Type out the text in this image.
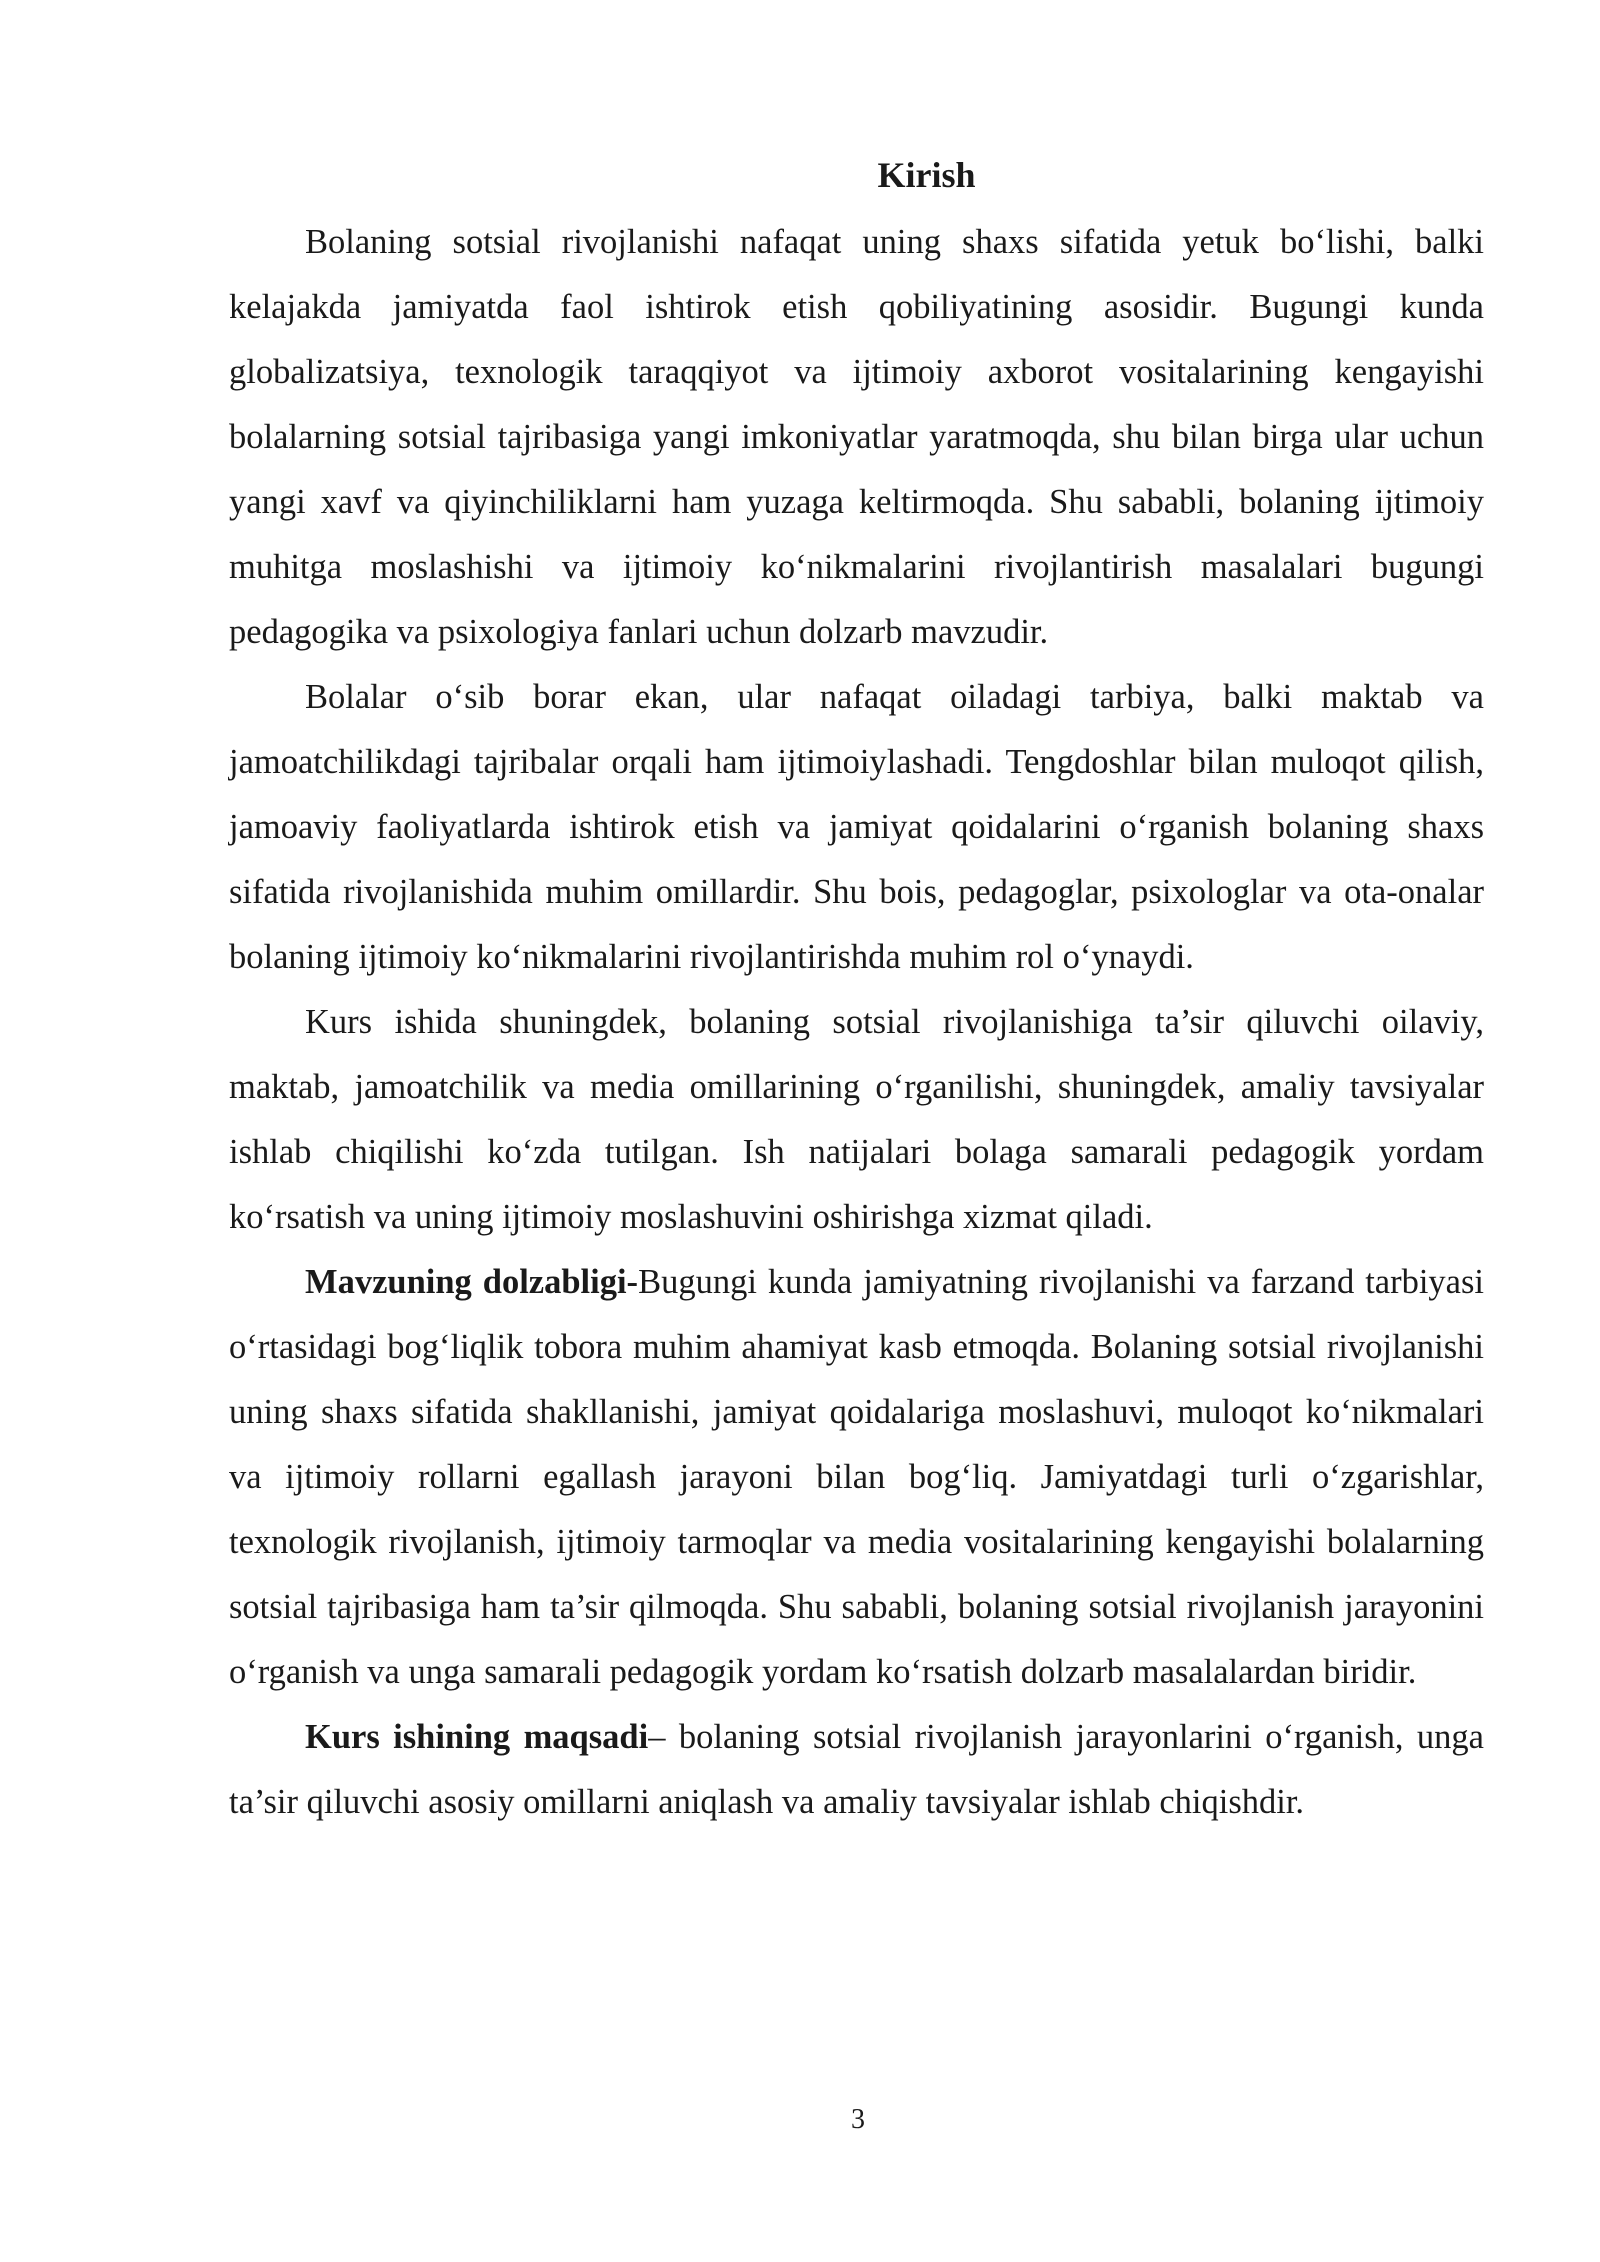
Kirish

Bolaning sotsial rivojlanishi nafaqat uning shaxs sifatida yetuk bo‘lishi, balki kelajakda jamiyatda faol ishtirok etish qobiliyatining asosidir. Bugungi kunda globalizatsiya, texnologik taraqqiyot va ijtimoiy axborot vositalarining kengayishi bolalarning sotsial tajribasiga yangi imkoniyatlar yaratmoqda, shu bilan birga ular uchun yangi xavf va qiyinchiliklarni ham yuzaga keltirmoqda. Shu sababli, bolaning ijtimoiy muhitga moslashishi va ijtimoiy ko‘nikmalarini rivojlantirish masalalari bugungi pedagogika va psixologiya fanlari uchun dolzarb mavzudir.

Bolalar o‘sib borar ekan, ular nafaqat oiladagi tarbiya, balki maktab va jamoatchilikdagi tajribalar orqali ham ijtimoiylashadi. Tengdoshlar bilan muloqot qilish, jamoaviy faoliyatlarda ishtirok etish va jamiyat qoidalarini o‘rganish bolaning shaxs sifatida rivojlanishida muhim omillardir. Shu bois, pedagoglar, psixologlar va ota-onalar bolaning ijtimoiy ko‘nikmalarini rivojlantirishda muhim rol o‘ynaydi.

Kurs ishida shuningdek, bolaning sotsial rivojlanishiga ta’sir qiluvchi oilaviy, maktab, jamoatchilik va media omillarining o‘rganilishi, shuningdek, amaliy tavsiyalar ishlab chiqilishi ko‘zda tutilgan. Ish natijalari bolaga samarali pedagogik yordam ko‘rsatish va uning ijtimoiy moslashuvini oshirishga xizmat qiladi.

Mavzuning dolzabligi-Bugungi kunda jamiyatning rivojlanishi va farzand tarbiyasi o‘rtasidagi bog‘liqlik tobora muhim ahamiyat kasb etmoqda. Bolaning sotsial rivojlanishi uning shaxs sifatida shakllanishi, jamiyat qoidalariga moslashuvi, muloqot ko‘nikmalari va ijtimoiy rollarni egallash jarayoni bilan bog‘liq. Jamiyatdagi turli o‘zgarishlar, texnologik rivojlanish, ijtimoiy tarmoqlar va media vositalarining kengayishi bolalarning sotsial tajribasiga ham ta’sir qilmoqda. Shu sababli, bolaning sotsial rivojlanish jarayonini o‘rganish va unga samarali pedagogik yordam ko‘rsatish dolzarb masalalardan biridir.

Kurs ishining maqsadi– bolaning sotsial rivojlanish jarayonlarini o‘rganish, unga ta’sir qiluvchi asosiy omillarni aniqlash va amaliy tavsiyalar ishlab chiqishdir.

3
